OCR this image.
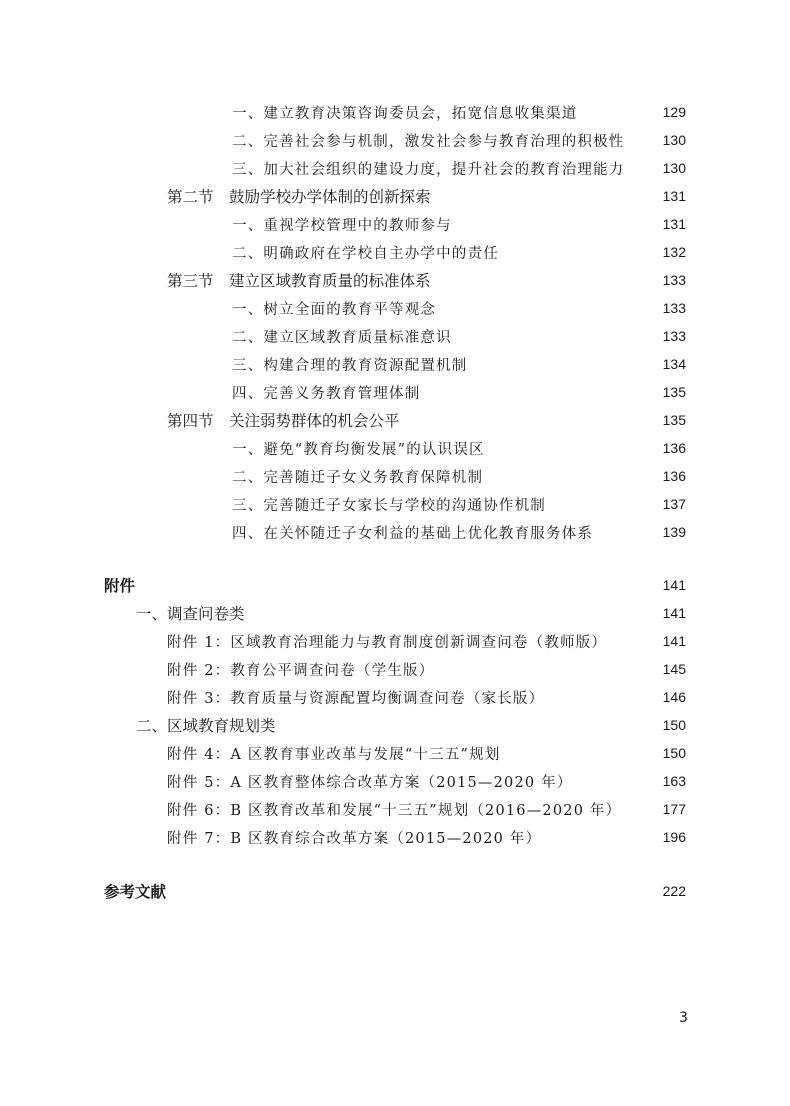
一、建立教育决策咨询委员会，拓宽信息收集渠道	129
二、完善社会参与机制，激发社会参与教育治理的积极性	130
三、加大社会组织的建设力度，提升社会的教育治理能力	130
第二节　鼓励学校办学体制的创新探索	131
一、重视学校管理中的教师参与	131
二、明确政府在学校自主办学中的责任	132
第三节　建立区域教育质量的标准体系	133
一、树立全面的教育平等观念	133
二、建立区域教育质量标准意识	133
三、构建合理的教育资源配置机制	134
四、完善义务教育管理体制	135
第四节　关注弱势群体的机会公平	135
一、避免“教育均衡发展”的认识误区	136
二、完善随迁子女义务教育保障机制	136
三、完善随迁子女家长与学校的沟通协作机制	137
四、在关怀随迁子女利益的基础上优化教育服务体系	139
附件	141
一、调查问卷类	141
附件 1：区域教育治理能力与教育制度创新调查问卷（教师版）	141
附件 2：教育公平调查问卷（学生版）	145
附件 3：教育质量与资源配置均衡调查问卷（家长版）	146
二、区域教育规划类	150
附件 4：A 区教育事业改革与发展“十三五”规划	150
附件 5：A 区教育整体综合改革方案（2015—2020 年）	163
附件 6：B 区教育改革和发展“十三五”规划（2016—2020 年）	177
附件 7：B 区教育综合改革方案（2015—2020 年）	196
参考文献	222
3
